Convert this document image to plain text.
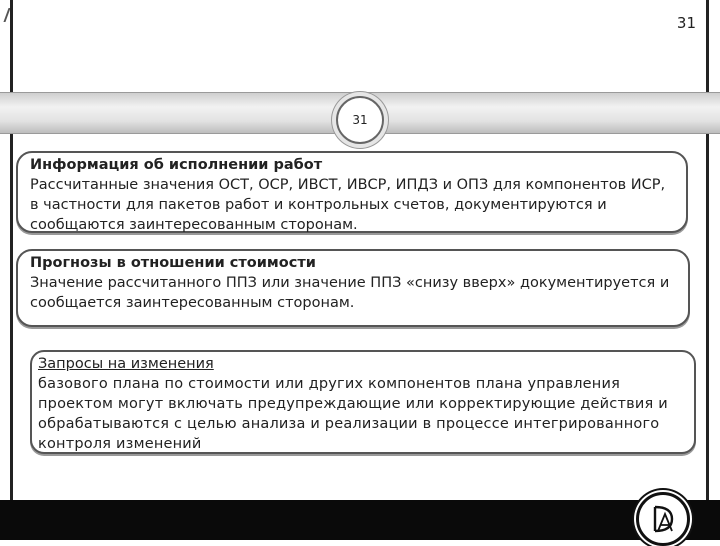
31
31
Информация об исполнении работ
Рассчитанные значения ОСТ, ОСР, ИВСТ, ИВСР, ИПДЗ и ОПЗ для компонентов ИСР, в частности для пакетов работ и контрольных счетов, документируются и сообщаются заинтересованным сторонам.
Прогнозы в отношении стоимости
Значение рассчитанного ППЗ или значение ППЗ «снизу вверх» документируется и сообщается заинтересованным сторонам.
Запросы на изменения
базового плана по стоимости или других компонентов плана управления проектом могут включать предупреждающие или корректирующие действия и обрабатываются с целью анализа и реализации в процессе интегрированного контроля изменений
